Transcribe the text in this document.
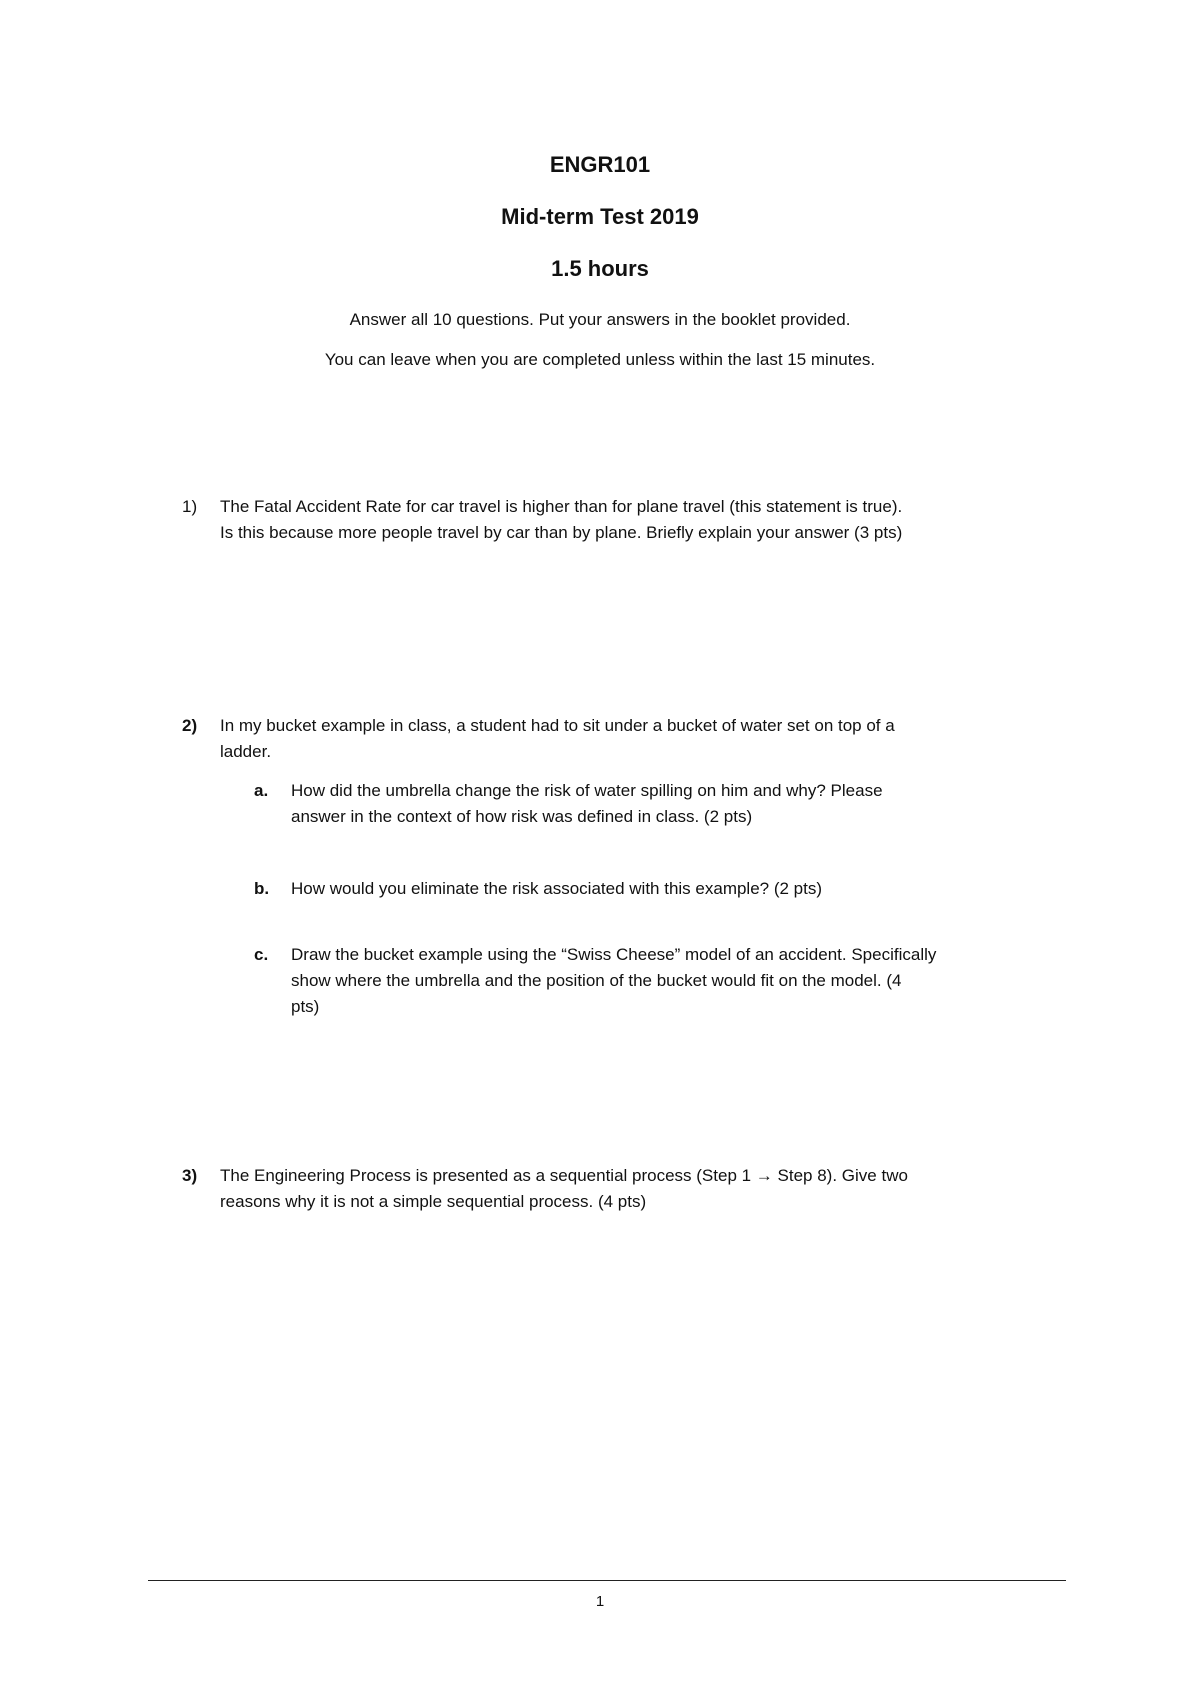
ENGR101
Mid-term Test 2019
1.5 hours
Answer all 10 questions. Put your answers in the booklet provided.
You can leave when you are completed unless within the last 15 minutes.
1)	The Fatal Accident Rate for car travel is higher than for plane travel (this statement is true).
Is this because more people travel by car than by plane. Briefly explain your answer (3 pts)
2)	In my bucket example in class, a student had to sit under a bucket of water set on top of a
ladder.
a. How did the umbrella change the risk of water spilling on him and why? Please
answer in the context of how risk was defined in class. (2 pts)
b. How would you eliminate the risk associated with this example? (2 pts)
c. Draw the bucket example using the “Swiss Cheese” model of an accident. Specifically
show where the umbrella and the position of the bucket would fit on the model. (4
pts)
3)	The Engineering Process is presented as a sequential process (Step 1 → Step 8). Give two
reasons why it is not a simple sequential process. (4 pts)
1
